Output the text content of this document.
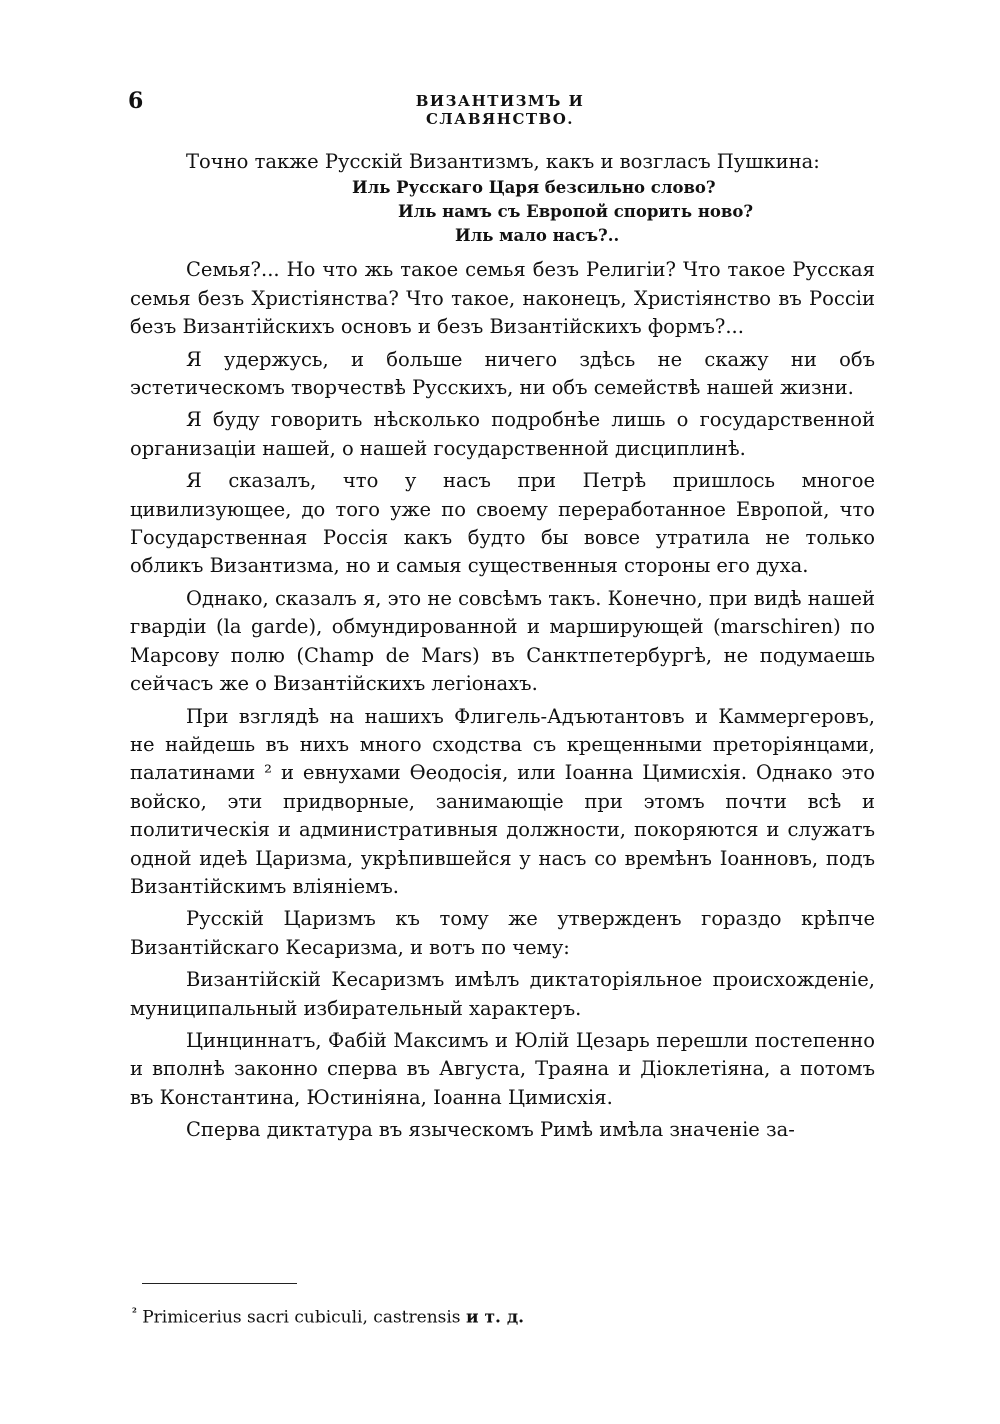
6	ВИЗАНТИЗМЪ И СЛАВЯНСТВО.

Точно также Русскій Византизмъ, какъ и возгласъ Пушкина:

Иль Русскаго Царя безсильно слово?
Иль намъ съ Европой спорить ново?
Иль мало насъ?..

Семья?... Но что жь такое семья безъ Религіи? Что такое Русская семья безъ Христіянства? Что такое, наконецъ, Христіянство въ Россіи безъ Византійскихъ основъ и безъ Византійскихъ формъ?...

Я удержусь, и больше ничего здѣсь не скажу ни объ эстетическомъ творчествѣ Русскихъ, ни объ семействѣ нашей жизни.

Я буду говорить нѣсколько подробнѣе лишь о государственной организаціи нашей, о нашей государственной дисциплинѣ.

Я сказалъ, что у насъ при Петрѣ пришлось многое цивилизующее, до того уже по своему переработанное Европой, что Государственная Россія какъ будто бы вовсе утратила не только обликъ Византизма, но и самыя существенныя стороны его духа.

Однако, сказалъ я, это не совсѣмъ такъ. Конечно, при видѣ нашей гвардіи (la garde), обмундированной и марширующей (marschiren) по Марсову полю (Champ de Mars) въ Санктпетербургѣ, не подумаешь сейчасъ же о Византійскихъ легіонахъ.

При взглядѣ на нашихъ Флигель-Адъютантовъ и Каммергеровъ, не найдешь въ нихъ много сходства съ крещенными преторіянцами, палатинами ² и евнухами Ѳеодосія, или Іоанна Цимисхія. Однако это войско, эти придворные, занимающіе при этомъ почти всѣ и политическія и административныя должности, покоряются и служатъ одной идеѣ Царизма, укрѣпившейся у насъ со времѣнъ Іоанновъ, подъ Византійскимъ вліяніемъ.

Русскій Царизмъ къ тому же утвержденъ гораздо крѣпче Византійскаго Кесаризма, и вотъ по чему:

Византійскій Кесаризмъ имѣлъ диктаторіяльное происхожденіе, муниципальный избирательный характеръ.

Цинциннатъ, Фабій Максимъ и Юлій Цезарь перешли постепенно и вполнѣ законно сперва въ Августа, Траяна и Діоклетіяна, а потомъ въ Константина, Юстиніяна, Іоанна Цимисхія.

Сперва диктатура въ языческомъ Римѣ имѣла значеніе за-

$^{^2}$ Primicerius sacri cubiculi, castrensis и т. д.
